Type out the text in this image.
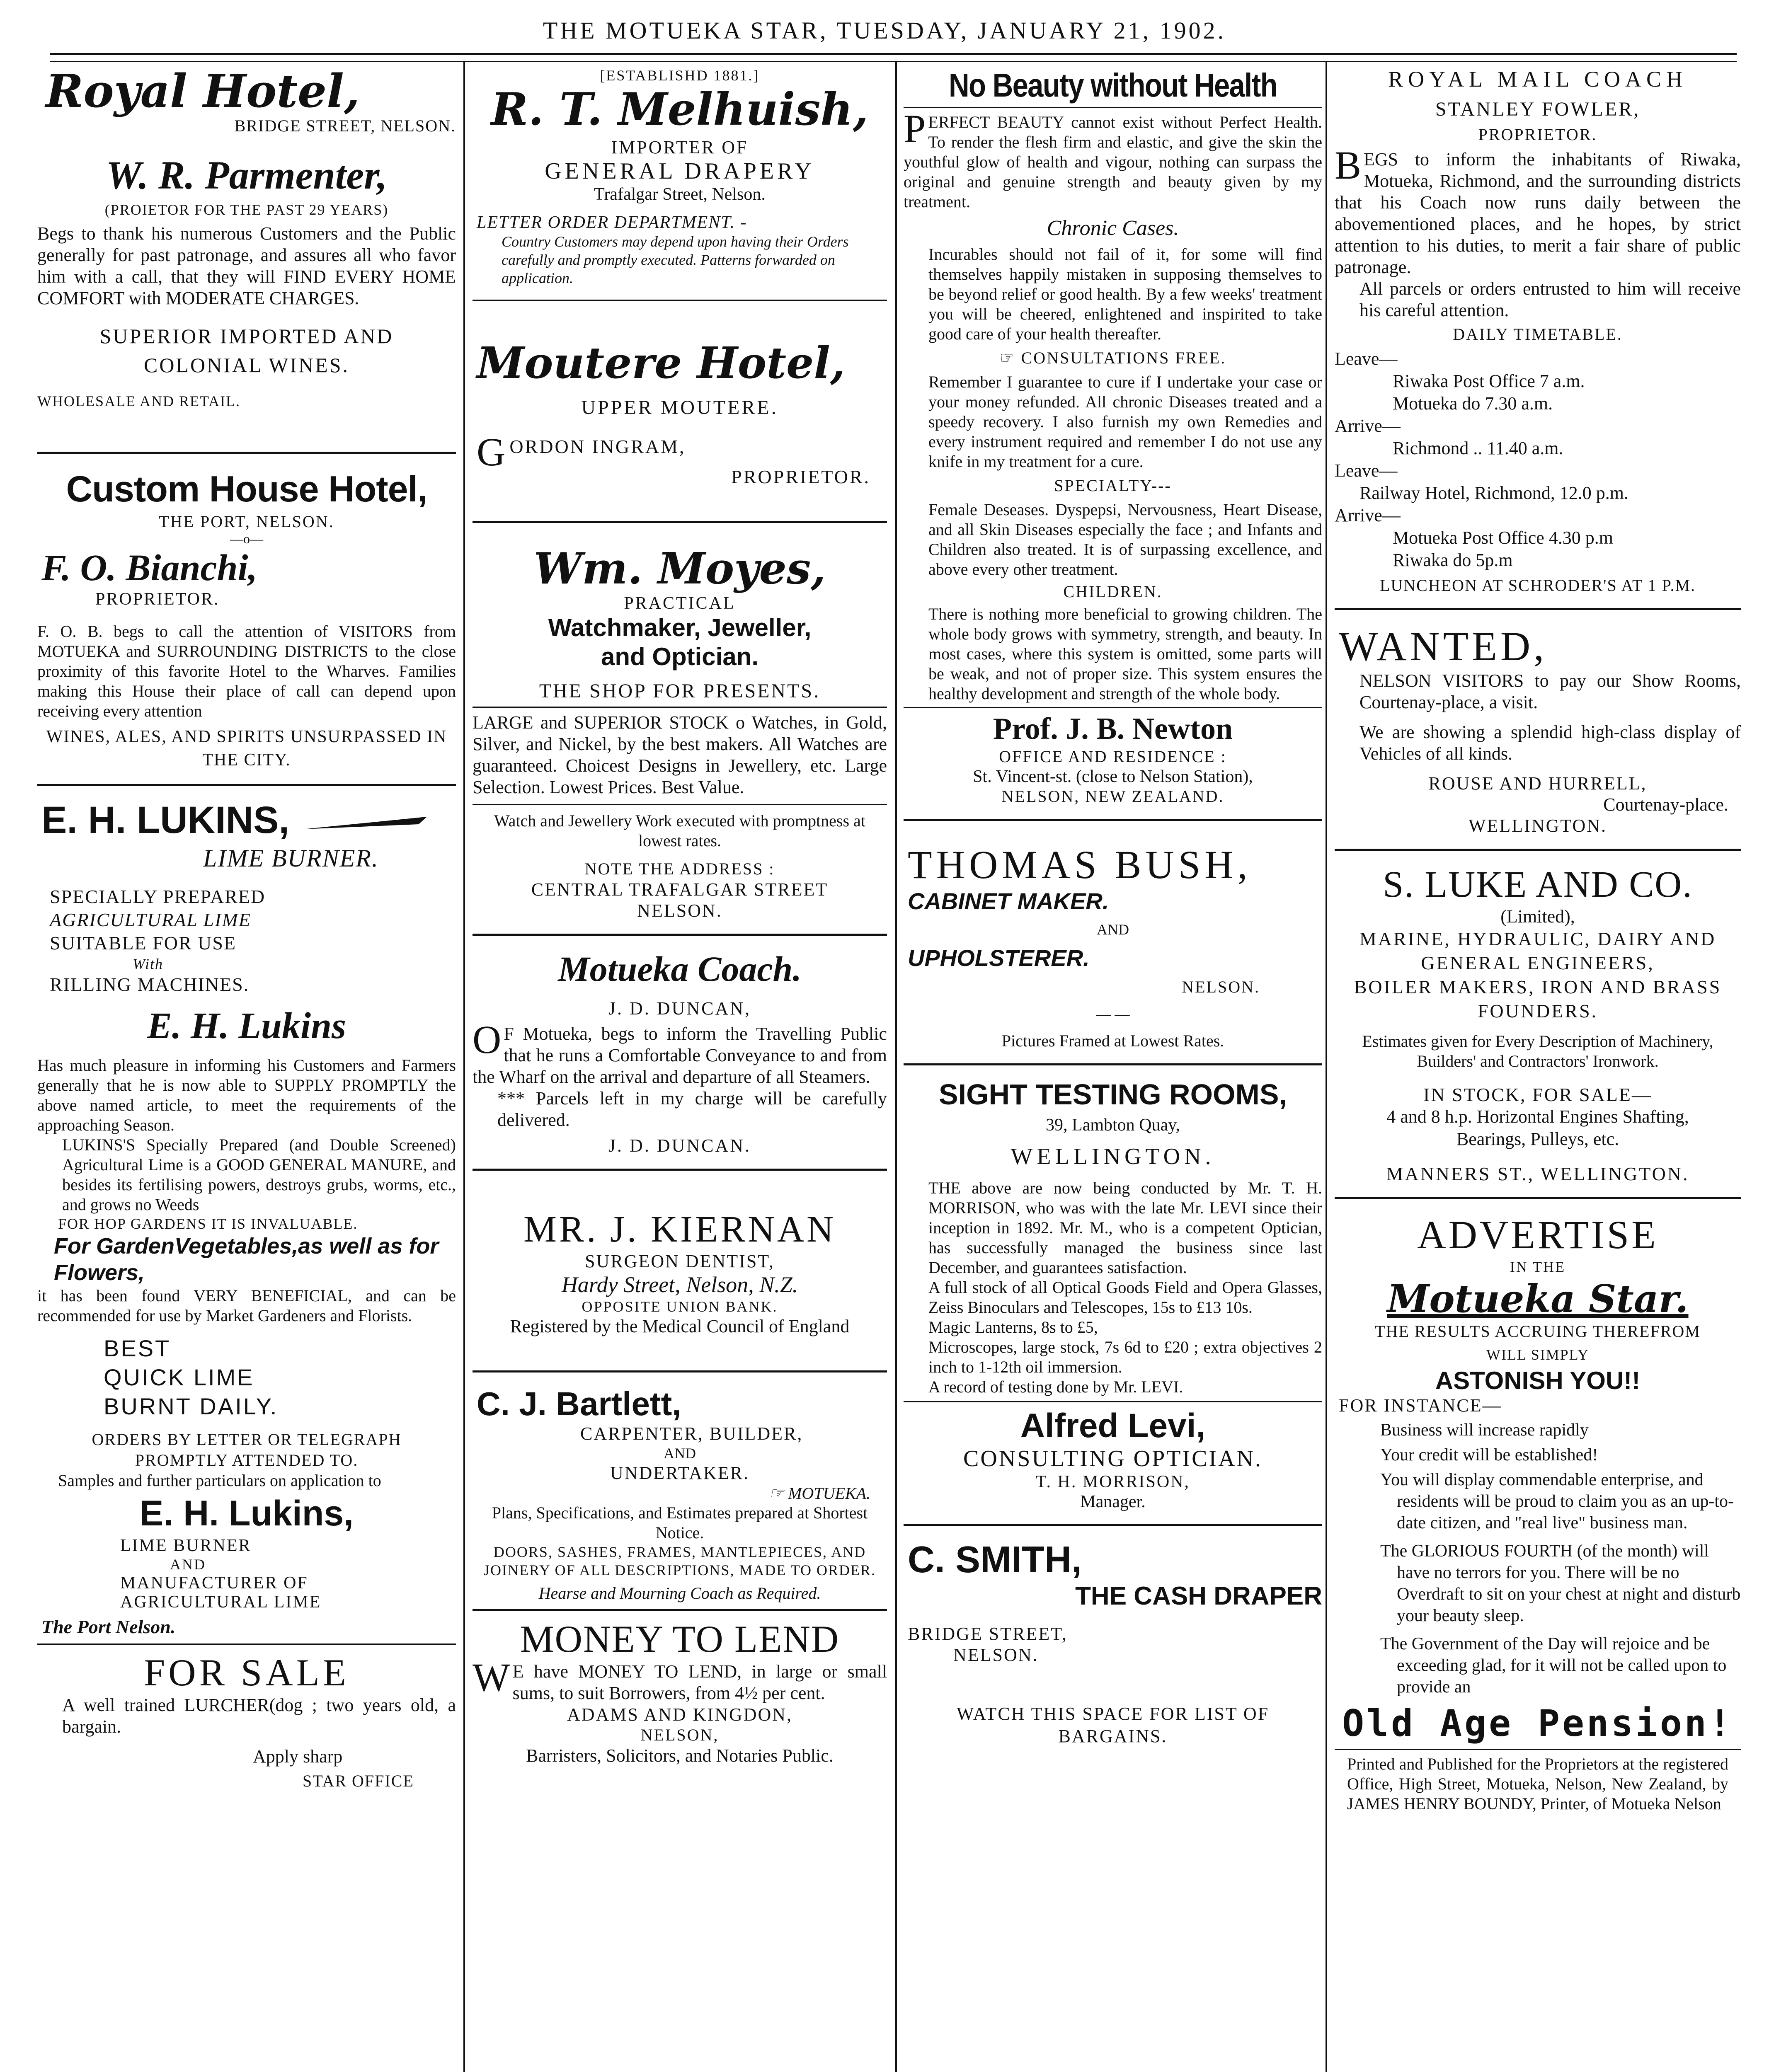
THE MOTUEKA STAR, TUESDAY, JANUARY 21, 1902.
Royal Hotel,
BRIDGE STREET, NELSON.
W. R. Parmenter,
(PROIETOR FOR THE PAST 29 YEARS)

Begs to thank his numerous Customers and the Public generally for past patronage, and assures all who favor him with a call, that they will FIND EVERY HOME COMFORT with MODERATE CHARGES.

SUPERIOR IMPORTED AND COLONIAL WINES.
WHOLESALE AND RETAIL.
Custom House Hotel,
THE PORT, NELSON.
—o—
F. O. Bianchi,
PROPRIETOR.

F. O. B. begs to call the attention of VISITORS from MOTUEKA and SURROUNDING DISTRICTS to the close proximity of this favorite Hotel to the Wharves. Families making this House their place of call can depend upon receiving every attention

WINES, ALES, AND SPIRITS UNSURPASSED IN THE CITY.
E. H. LUKINS,
LIME BURNER.
SPECIALLY PREPARED
AGRICULTURAL LIME
SUITABLE FOR USE
With
RILLING MACHINES.
E. H. Lukins

Has much pleasure in informing his Customers and Farmers generally that he is now able to SUPPLY PROMPTLY the above named article, to meet the requirements of the approaching Season.

LUKINS'S Specially Prepared (and Double Screened) Agricultural Lime is a GOOD GENERAL MANURE, and besides its fertilising powers, destroys grubs, worms, etc., and grows no Weeds

FOR HOP GARDENS IT IS INVALUABLE.
For GardenVegetables,as well as for Flowers,

it has been found VERY BENEFICIAL, and can be recommended for use by Market Gardeners and Florists.

BEST
QUICK LIME
BURNT DAILY.
ORDERS BY LETTER OR TELEGRAPH PROMPTLY ATTENDED TO.

Samples and further particulars on application to

E. H. Lukins,
LIME BURNER
AND
MANUFACTURER OF
AGRICULTURAL LIME
The Port Nelson.
FOR SALE

A well trained LURCHER(dog ; two years old, a bargain.

Apply sharp
STAR OFFICE
[ESTABLISHD 1881.]
R. T. Melhuish,
IMPORTER OF
GENERAL DRAPERY
Trafalgar Street, Nelson.
LETTER ORDER DEPARTMENT. -

Country Customers may depend upon having their Orders carefully and promptly executed. Patterns forwarded on application.

Moutere Hotel,
UPPER MOUTERE.
GORDON INGRAM,
PROPRIETOR.
Wm. Moyes,
PRACTICAL
Watchmaker, Jeweller,
and Optician.
THE SHOP FOR PRESENTS.

LARGE and SUPERIOR STOCK o Watches, in Gold, Silver, and Nickel, by the best makers. All Watches are guaranteed. Choicest Designs in Jewellery, etc. Large Selection. Lowest Prices. Best Value.

Watch and Jewellery Work executed with promptness at lowest rates.

NOTE THE ADDRESS :
CENTRAL TRAFALGAR STREET
NELSON.
Motueka Coach.
J. D. DUNCAN,

OF Motueka, begs to inform the Travelling Public that he runs a Comfortable Conveyance to and from the Wharf on the arrival and departure of all Steamers.

*** Parcels left in my charge will be carefully delivered.

J. D. DUNCAN.
MR. J. KIERNAN
SURGEON DENTIST,
Hardy Street, Nelson, N.Z.
OPPOSITE UNION BANK.

Registered by the Medical Council of England

C. J. Bartlett,
CARPENTER, BUILDER,
AND
UNDERTAKER.
☞ MOTUEKA.

Plans, Specifications, and Estimates prepared at Shortest Notice.

DOORS, SASHES, FRAMES, MANTLEPIECES, AND JOINERY OF ALL DESCRIPTIONS, MADE TO ORDER.

Hearse and Mourning Coach as Required.
MONEY TO LEND

WE have MONEY TO LEND, in large or small sums, to suit Borrowers, from 4½ per cent.

ADAMS AND KINGDON,
NELSON,

Barristers, Solicitors, and Notaries Public.

No Beauty without Health

PERFECT BEAUTY cannot exist without Perfect Health. To render the flesh firm and elastic, and give the skin the youthful glow of health and vigour, nothing can surpass the original and genuine strength and beauty given by my treatment.

Chronic Cases.

Incurables should not fail of it, for some will find themselves happily mistaken in supposing themselves to be beyond relief or good health. By a few weeks' treatment you will be cheered, enlightened and inspirited to take good care of your health thereafter.

☞ CONSULTATIONS FREE.

Remember I guarantee to cure if I undertake your case or your money refunded. All chronic Diseases treated and a speedy recovery. I also furnish my own Remedies and every instrument required and remember I do not use any knife in my treatment for a cure.

SPECIALTY---

Female Deseases. Dyspepsi, Nervousness, Heart Disease, and all Skin Diseases especially the face ; and Infants and Children also treated. It is of surpassing excellence, and above every other treatment.

CHILDREN.

There is nothing more beneficial to growing children. The whole body grows with symmetry, strength, and beauty. In most cases, where this system is omitted, some parts will be weak, and not of proper size. This system ensures the healthy development and strength of the whole body.

Prof. J. B. Newton
OFFICE AND RESIDENCE :
St. Vincent-st. (close to Nelson Station),
NELSON, NEW ZEALAND.
THOMAS BUSH,
CABINET MAKER.
AND
UPHOLSTERER.
NELSON.
— —
Pictures Framed at Lowest Rates.
SIGHT TESTING ROOMS,
39, Lambton Quay,
WELLINGTON.

THE above are now being conducted by Mr. T. H. MORRISON, who was with the late Mr. LEVI since their inception in 1892. Mr. M., who is a competent Optician, has successfully managed the business since last December, and guarantees satisfaction.

A full stock of all Optical Goods Field and Opera Glasses, Zeiss Binoculars and Telescopes, 15s to £13 10s.

Magic Lanterns, 8s to £5,

Microscopes, large stock, 7s 6d to £20 ; extra objectives 2 inch to 1-12th oil immersion.

A record of testing done by Mr. LEVI.

Alfred Levi,
CONSULTING OPTICIAN.
T. H. MORRISON,
Manager.
C. SMITH,
THE CASH DRAPER
BRIDGE STREET,
NELSON.
WATCH THIS SPACE FOR LIST OF BARGAINS.
ROYAL MAIL COACH
STANLEY FOWLER,
PROPRIETOR.

BEGS to inform the inhabitants of Riwaka, Motueka, Richmond, and the surrounding districts that his Coach now runs daily between the abovementioned places, and he hopes, by strict attention to his duties, to merit a fair share of public patronage.

All parcels or orders entrusted to him will receive his careful attention.

DAILY TIMETABLE.
Leave—
Riwaka Post Office 7 a.m.
Motueka do 7.30 a.m.
Arrive—
Richmond .. 11.40 a.m.
Leave—
Railway Hotel, Richmond, 12.0 p.m.
Arrive—
Motueka Post Office 4.30 p.m
Riwaka do 5p.m
LUNCHEON AT SCHRODER'S AT 1 P.M.
WANTED,

NELSON VISITORS to pay our Show Rooms, Courtenay-place, a visit.

We are showing a splendid high-class display of Vehicles of all kinds.

ROUSE AND HURRELL,
Courtenay-place.
WELLINGTON.
S. LUKE AND CO.
(Limited),
MARINE, HYDRAULIC, DAIRY AND GENERAL ENGINEERS,
BOILER MAKERS, IRON AND BRASS FOUNDERS.

Estimates given for Every Description of Machinery,

Builders' and Contractors' Ironwork.
IN STOCK, FOR SALE—

4 and 8 h.p. Horizontal Engines Shafting, Bearings, Pulleys, etc.

MANNERS ST., WELLINGTON.
ADVERTISE
IN THE
Motueka Star.
THE RESULTS ACCRUING THEREFROM
WILL SIMPLY
ASTONISH YOU!!
FOR INSTANCE—

Business will increase rapidly

Your credit will be established!

You will display commendable enterprise, and residents will be proud to claim you as an up-to-date citizen, and "real live" business man.

The GLORIOUS FOURTH (of the month) will have no terrors for you. There will be no Overdraft to sit on your chest at night and disturb your beauty sleep.

The Government of the Day will rejoice and be exceeding glad, for it will not be called upon to provide an

Old Age Pension!

Printed and Published for the Proprietors at the registered Office, High Street, Motueka, Nelson, New Zealand, by JAMES HENRY BOUNDY, Printer, of Motueka Nelson
